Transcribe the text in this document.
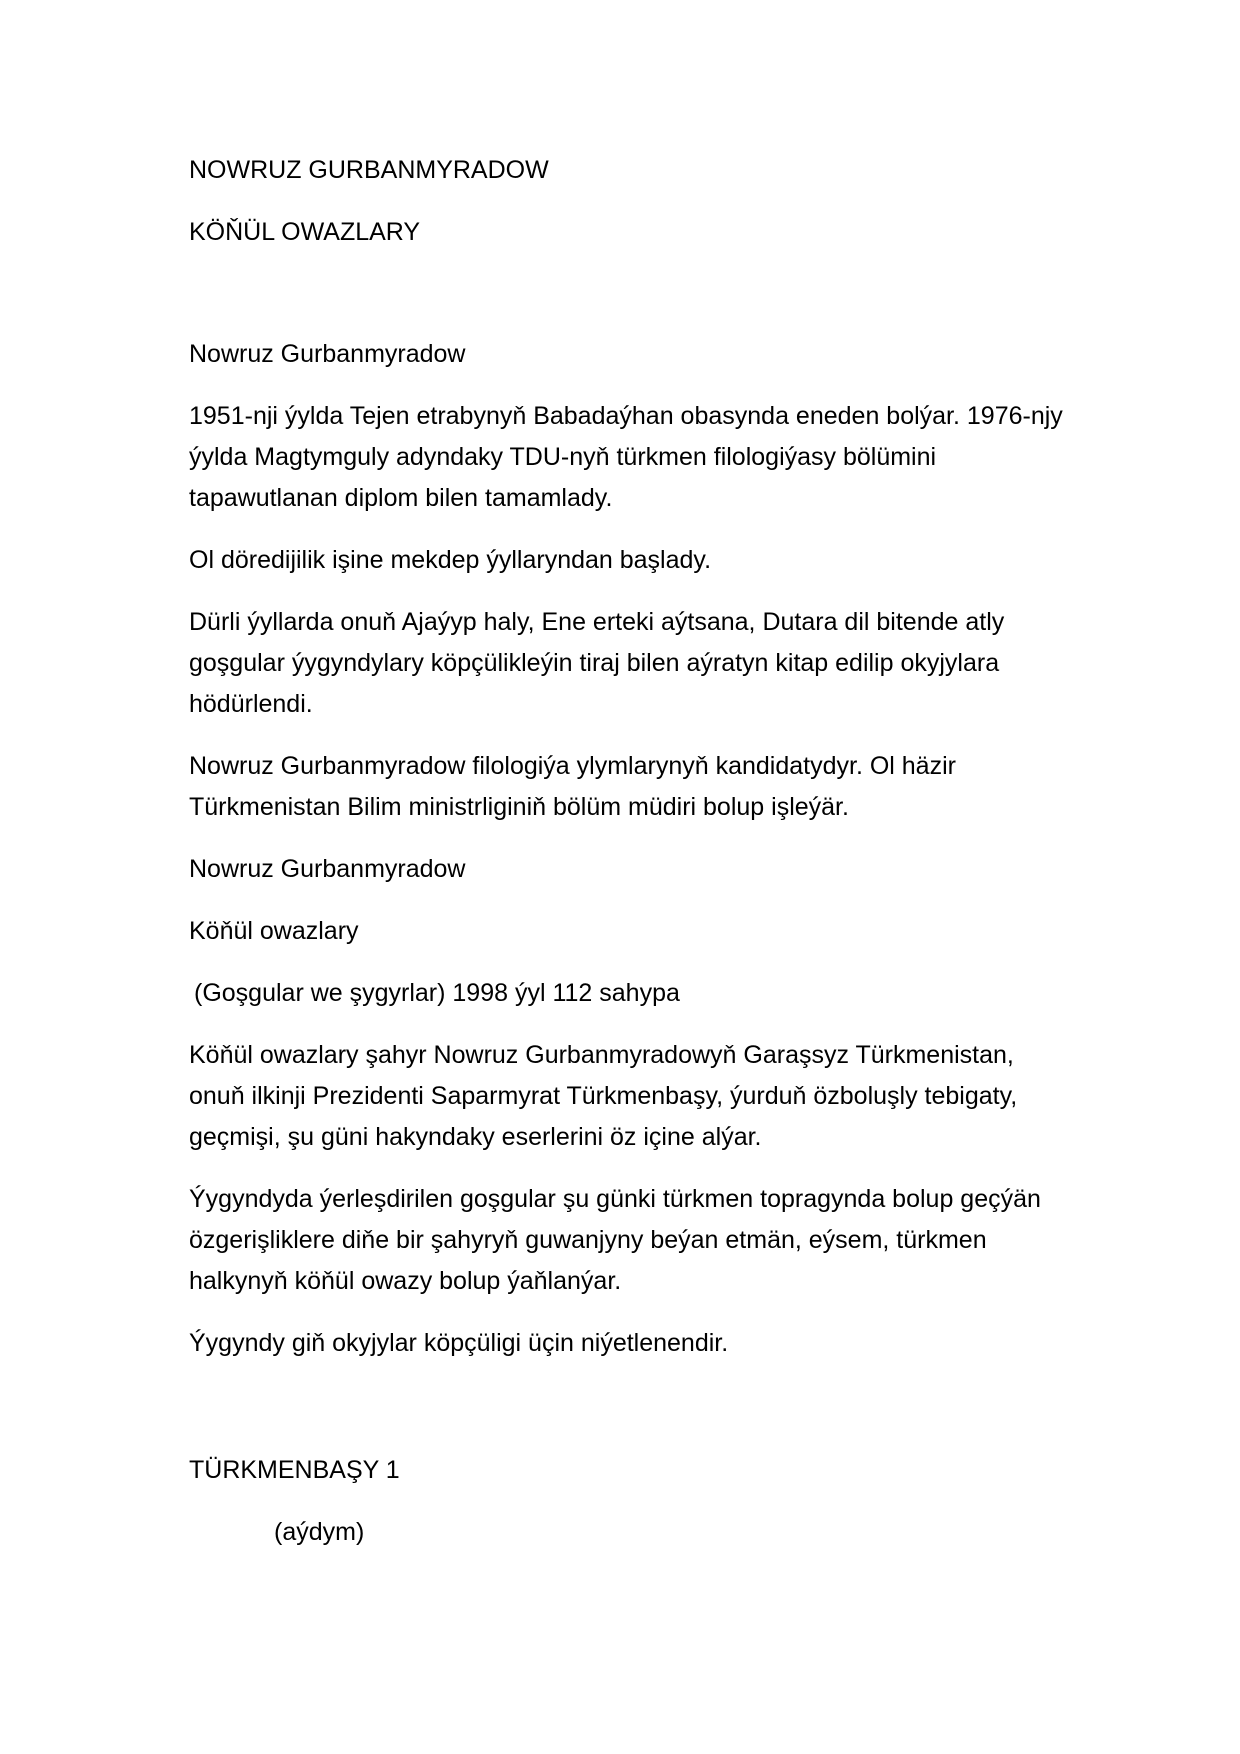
NOWRUZ GURBANMYRADOW

KÖŇÜL OWAZLARY

Nowruz Gurbanmyradow

1951-nji ýylda Tejen etrabynyň Babadaýhan obasynda eneden bolýar. 1976-njy ýylda Magtymguly adyndaky TDU-nyň türkmen filologiýasy bölümini tapawutlanan diplom bilen tamamlady.

Ol döredijilik işine mekdep ýyllaryndan başlady.

Dürli ýyllarda onuň Ajaýyp haly, Ene erteki aýtsana, Dutara dil bitende atly goşgular ýygyndylary köpçülikleýin tiraj bilen aýratyn kitap edilip okyjylara hödürlendi.

Nowruz Gurbanmyradow filologiýa ylymlarynyň kandidatydyr. Ol häzir Türkmenistan Bilim ministrliginiň bölüm müdiri bolup işleýär.

Nowruz Gurbanmyradow

Köňül owazlary

(Goşgular we şygyrlar) 1998 ýyl 112 sahypa

Köňül owazlary şahyr Nowruz Gurbanmyradowyň Garaşsyz Türkmenistan, onuň ilkinji Prezidenti Saparmyrat Türkmenbaşy, ýurduň özboluşly tebigaty, geçmişi, şu güni hakyndaky eserlerini öz içine alýar.

Ýygyndyda ýerleşdirilen goşgular şu günki türkmen topragynda bolup geçýän özgerişliklere diňe bir şahyryň guwanjyny beýan etmän, eýsem, türkmen halkynyň köňül owazy bolup ýaňlanýar.

Ýygyndy giň okyjylar köpçüligi üçin niýetlenendir.

TÜRKMENBAŞY 1

(aýdym)
